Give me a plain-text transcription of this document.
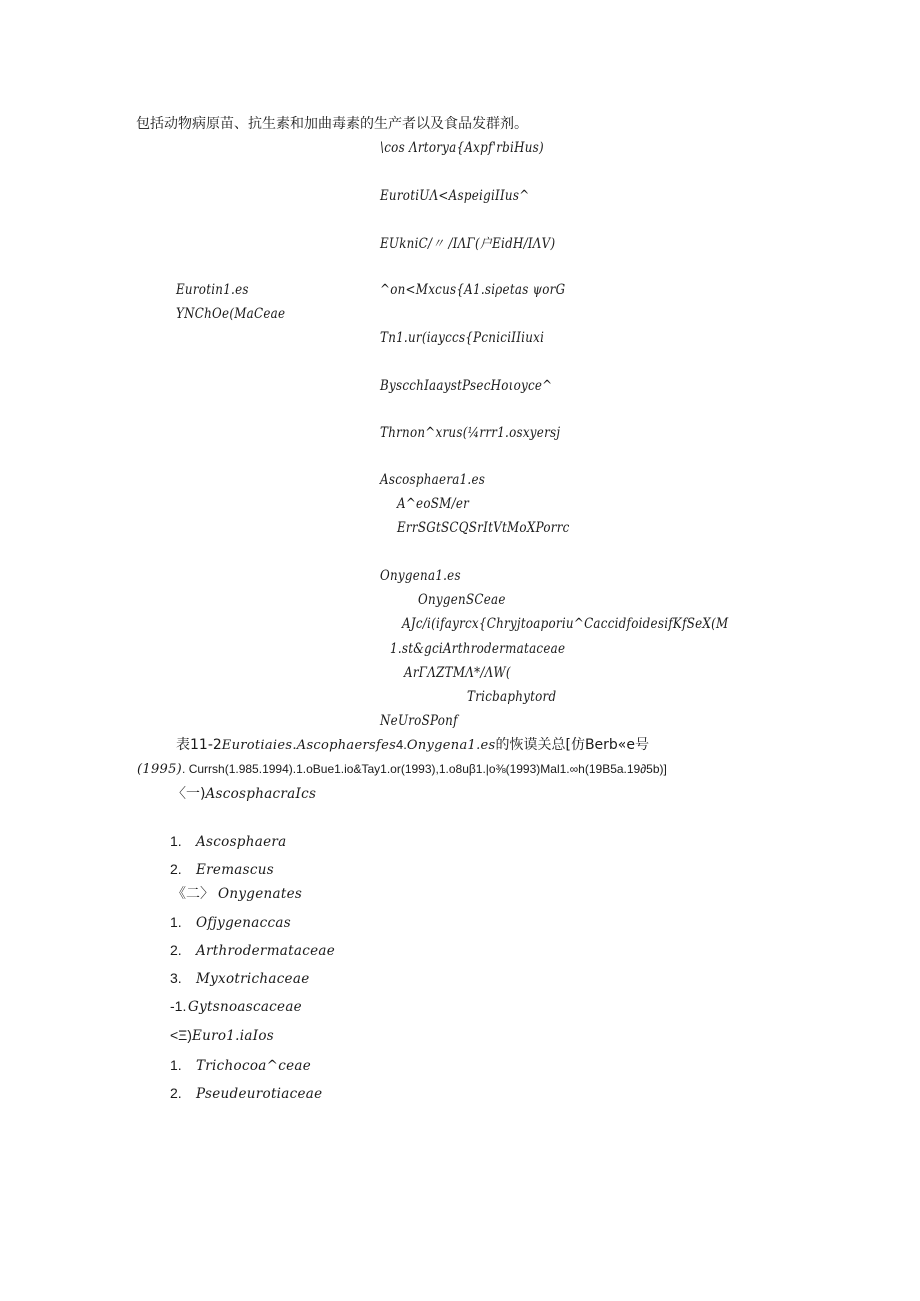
包括动物病原苗、抗生素和加曲毒素的生产者以及食品发群剂。
\cos Λrtorya{Axpf'rbiHus)
EurotiUΛ<AspeigiIIus^
EUkniC/〃 /ΙΛΓ(户EidH/ΙΛV)
^on<Mxcus{A1.siρetas ψorG
Tn1.ur(iayccs{PcniciIIiuxi
ByscchIaaystPsecHoιoyce^
Thrnon^xrus(¼rrr1.osxyersj
Ascosphaera1.es
A^eoSM/er
ErrSGtSCQSrItVtMoXPorrc
Onygena1.es
OnygenSCeae
AJc/i(ifayrcx{Chryjtoaporiu^CaccidfoidesifKfSeX(M
1.st&gciArthrodermataceae
ArΓΛZTMΛ*/ΛW(
Tricbaphytord
NeUroSPonf
Eurotin1.es
YNChOe(MaCeae
表11-2Eurotiaies.Ascophaersfes4.Onygena1.es的恢谟关总[仿Berb«e号
(1995). Currsh(1.985.1994).1.oBue1.io&Tay1.or(1993),1.o8uβ1.|o⅜(1993)Mal1.∞h(19B5a.19∂5b)]
〈一)AscosphacraIcs
1. Ascosphaera
2. Eremascus
《二〉 Onygenates
1. Ofjygenaccas
2. Arthrodermataceae
3. Myxotrichaceae
-1. Gytsnoascaceae
<Ξ)Euro1.iaIos
1. Trichocoa^ceae
2. Pseudeurotiaceae
